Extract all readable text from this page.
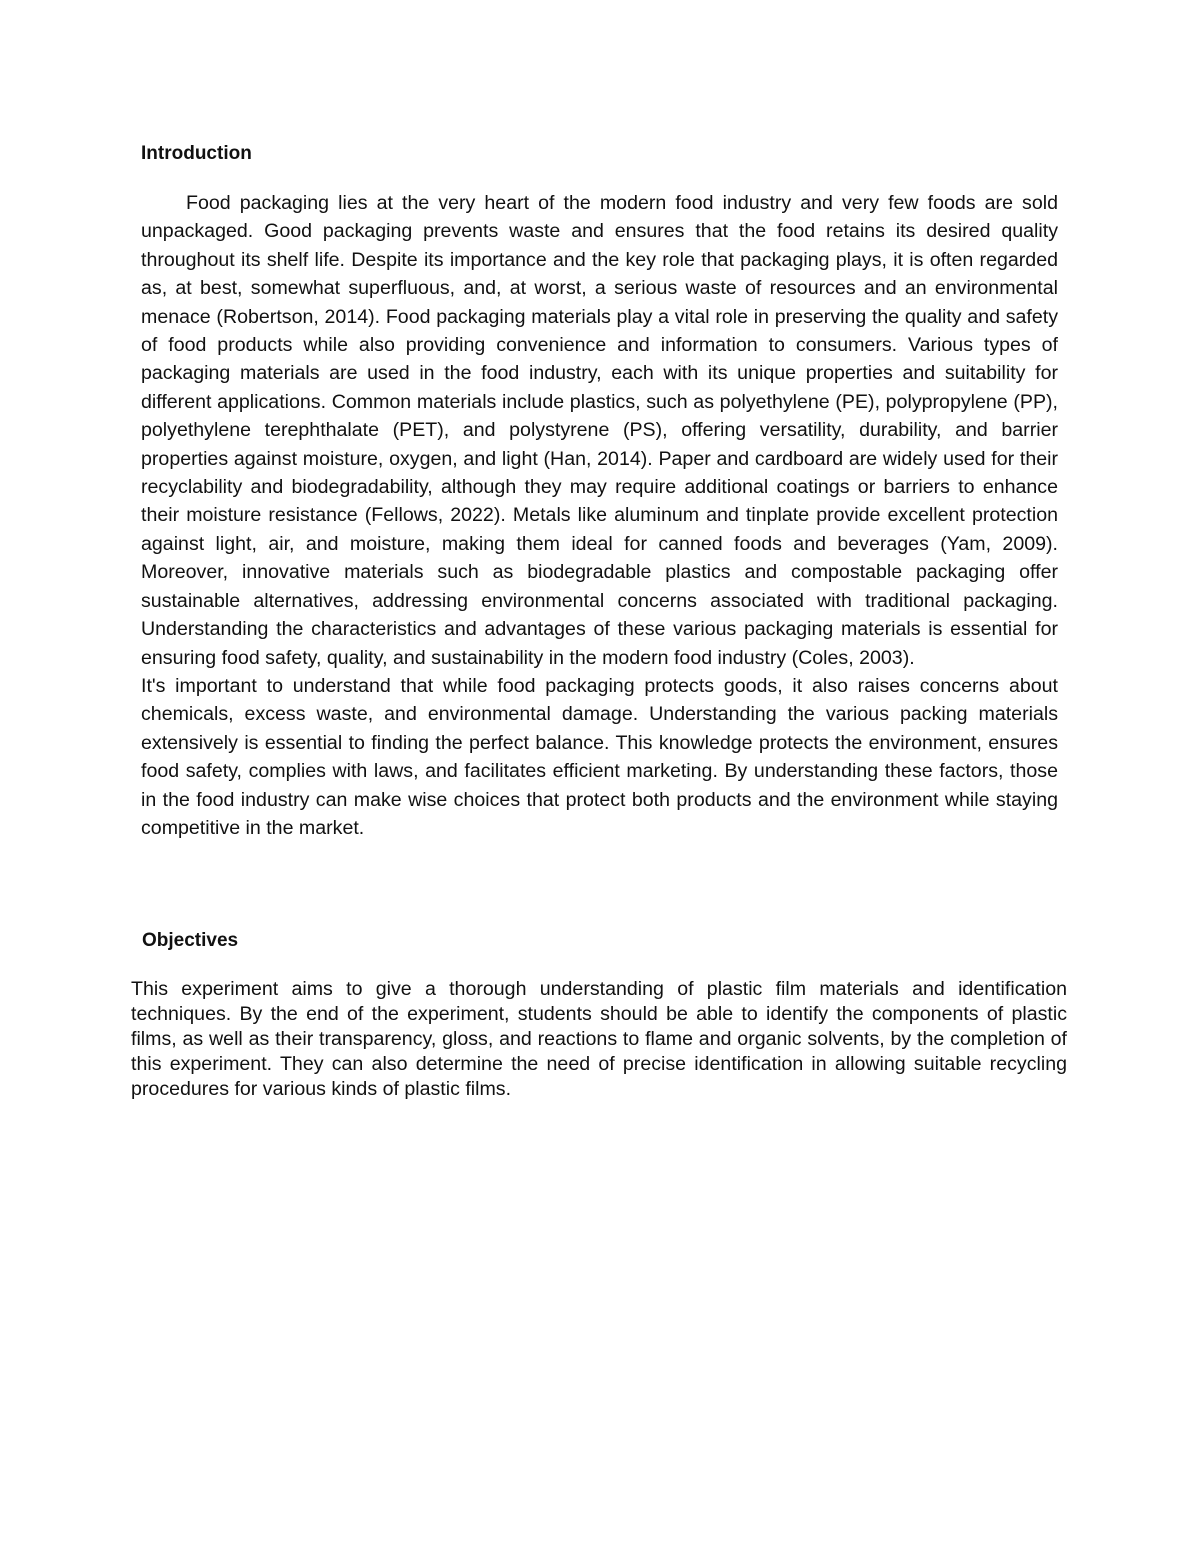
Introduction

Food packaging lies at the very heart of the modern food industry and very few foods are sold unpackaged. Good packaging prevents waste and ensures that the food retains its desired quality throughout its shelf life. Despite its importance and the key role that packaging plays, it is often regarded as, at best, somewhat superfluous, and, at worst, a serious waste of resources and an environmental menace (Robertson, 2014). Food packaging materials play a vital role in preserving the quality and safety of food products while also providing convenience and information to consumers. Various types of packaging materials are used in the food industry, each with its unique properties and suitability for different applications. Common materials include plastics, such as polyethylene (PE), polypropylene (PP), polyethylene terephthalate (PET), and polystyrene (PS), offering versatility, durability, and barrier properties against moisture, oxygen, and light (Han, 2014). Paper and cardboard are widely used for their recyclability and biodegradability, although they may require additional coatings or barriers to enhance their moisture resistance (Fellows, 2022). Metals like aluminum and tinplate provide excellent protection against light, air, and moisture, making them ideal for canned foods and beverages (Yam, 2009). Moreover, innovative materials such as biodegradable plastics and compostable packaging offer sustainable alternatives, addressing environmental concerns associated with traditional packaging. Understanding the characteristics and advantages of these various packaging materials is essential for ensuring food safety, quality, and sustainability in the modern food industry (Coles, 2003).

It's important to understand that while food packaging protects goods, it also raises concerns about chemicals, excess waste, and environmental damage. Understanding the various packing materials extensively is essential to finding the perfect balance. This knowledge protects the environment, ensures food safety, complies with laws, and facilitates efficient marketing. By understanding these factors, those in the food industry can make wise choices that protect both products and the environment while staying competitive in the market.

Objectives

This experiment aims to give a thorough understanding of plastic film materials and identification techniques. By the end of the experiment, students should be able to identify the components of plastic films, as well as their transparency, gloss, and reactions to flame and organic solvents, by the completion of this experiment. They can also determine the need of precise identification in allowing suitable recycling procedures for various kinds of plastic films.
